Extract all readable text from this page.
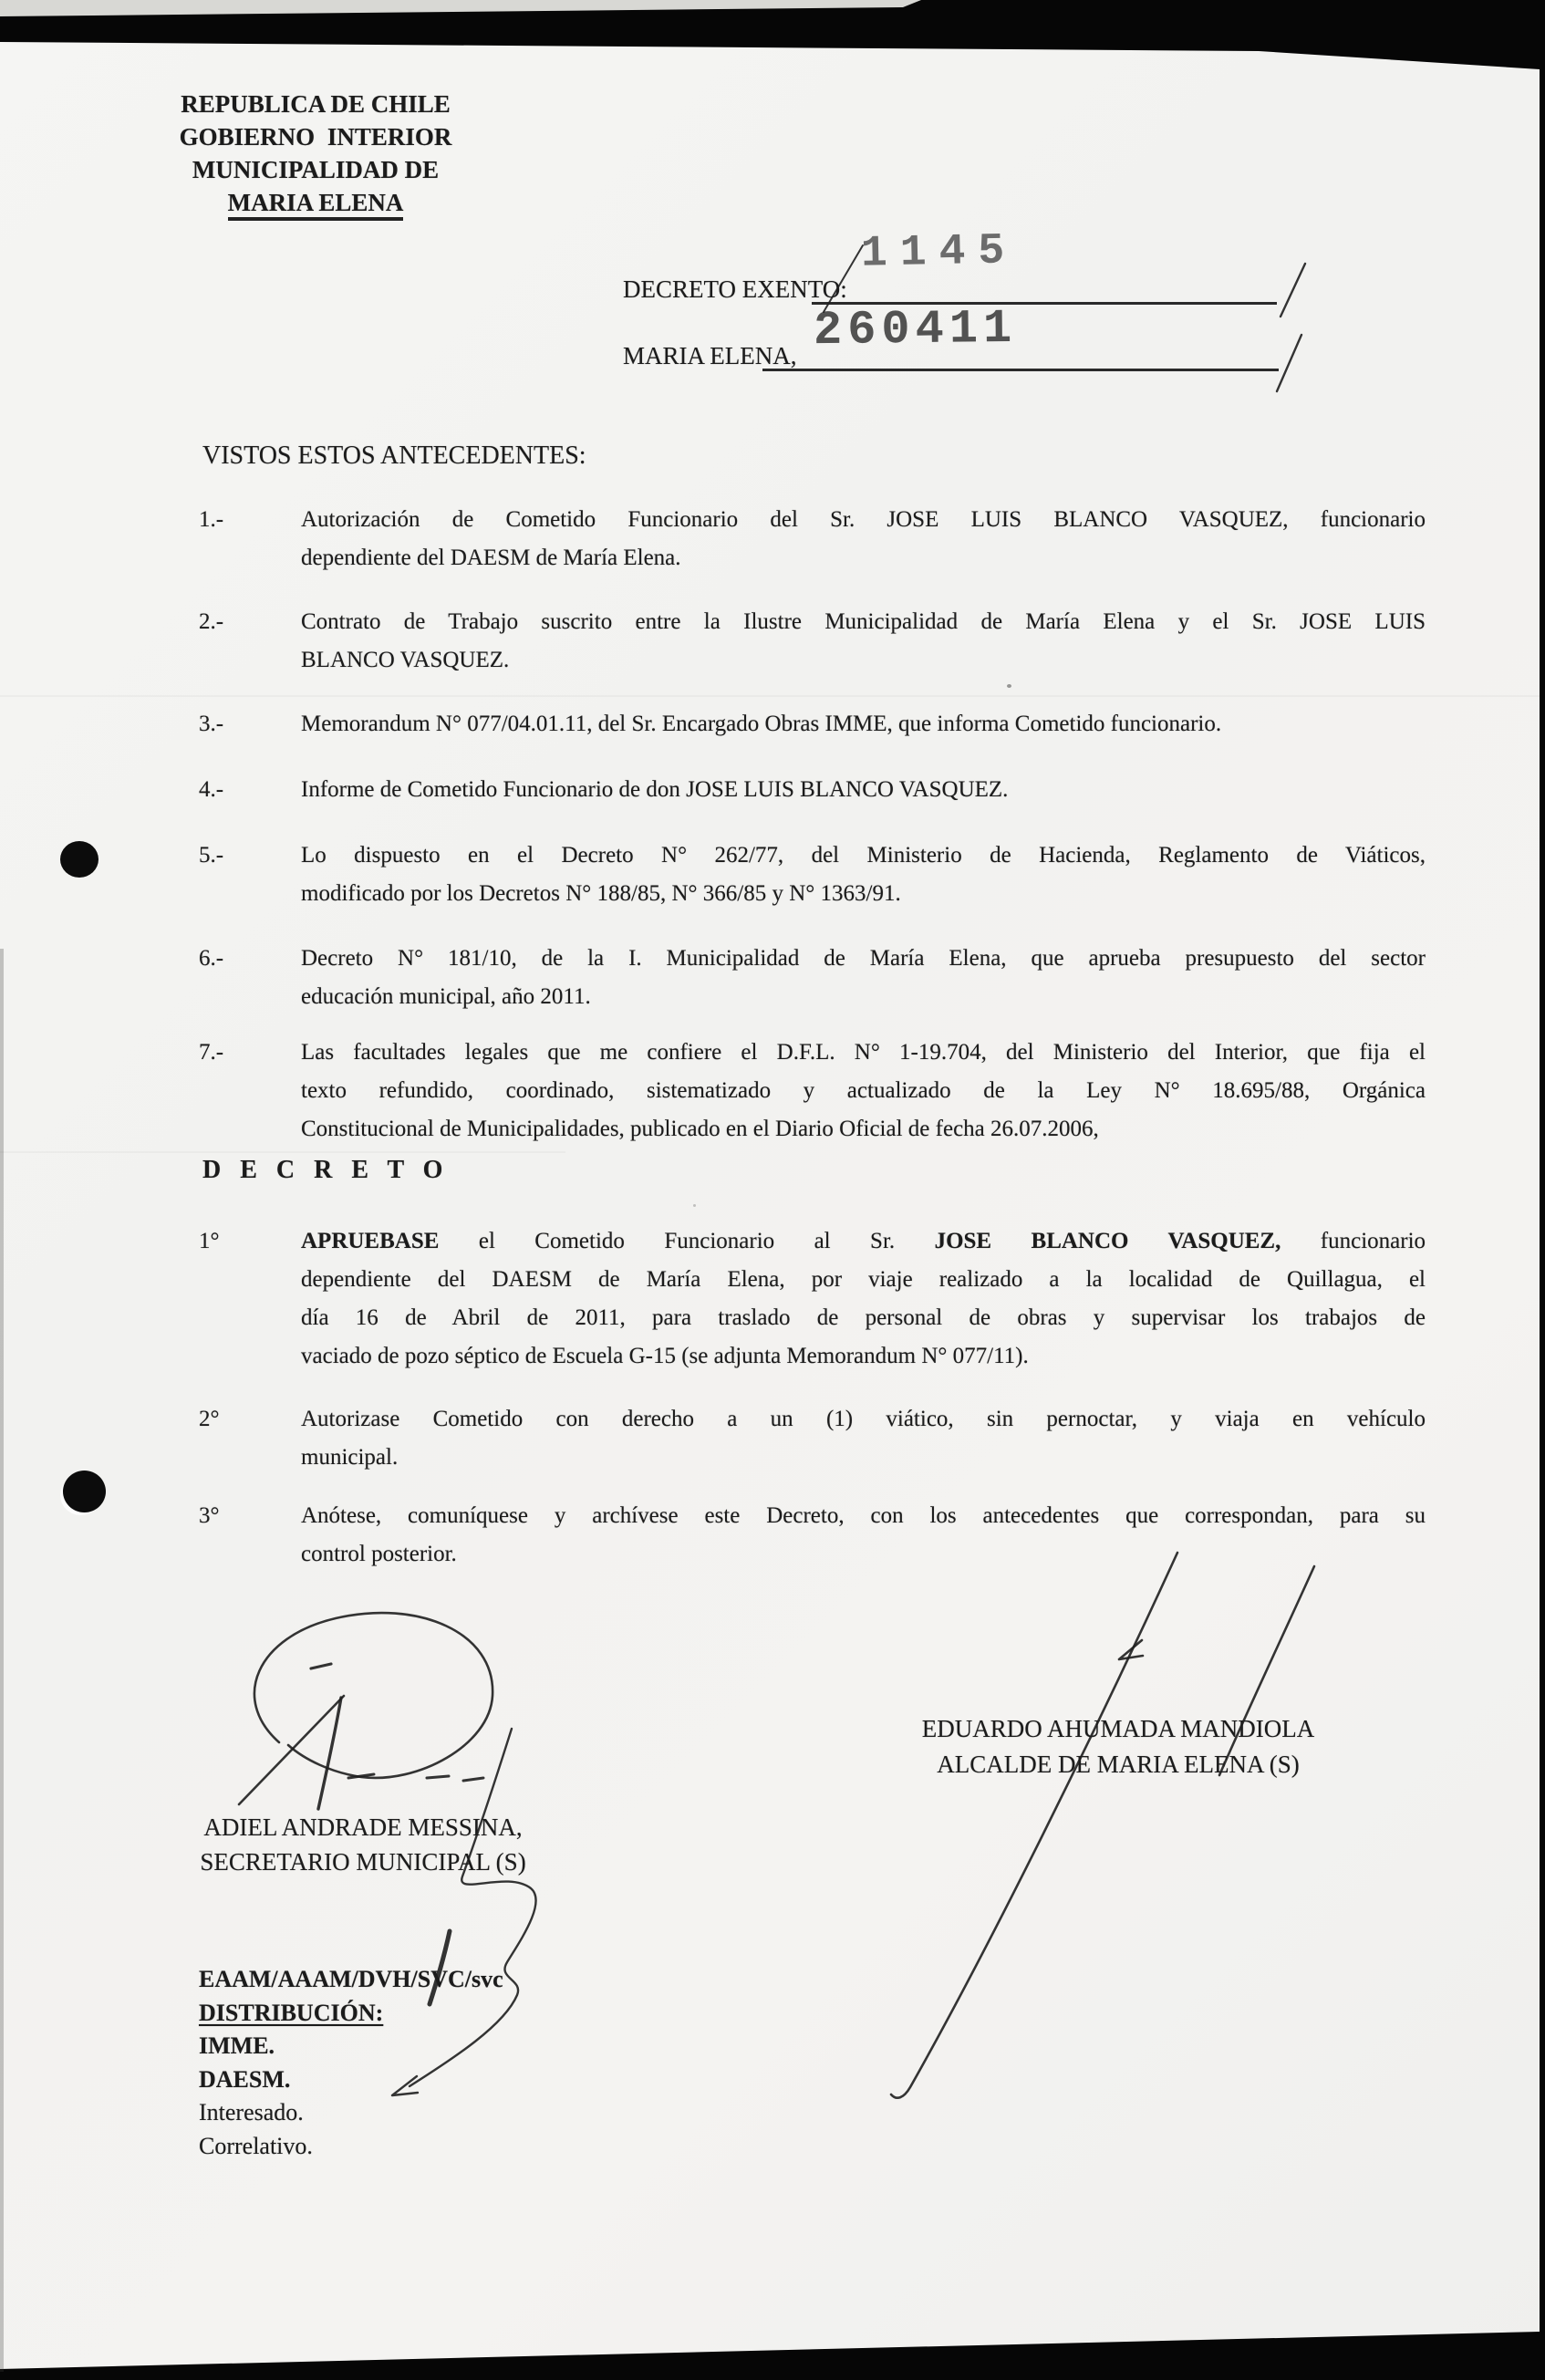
REPUBLICA DE CHILE
GOBIERNO INTERIOR
MUNICIPALIDAD DE
MARIA ELENA
DECRETO EXENTO:
1145
MARIA ELENA, 260411
VISTOS ESTOS ANTECEDENTES:
1.-	Autorización de Cometido Funcionario del Sr. JOSE LUIS BLANCO VASQUEZ, funcionario
dependiente del DAESM de María Elena.
2.-	Contrato de Trabajo suscrito entre la Ilustre Municipalidad de María Elena y el Sr. JOSE LUIS
BLANCO VASQUEZ.
3.-	Memorandum N° 077/04.01.11, del Sr. Encargado Obras IMME, que informa Cometido funcionario.
4.-	Informe de Cometido Funcionario de don JOSE LUIS BLANCO VASQUEZ.
5.-	Lo dispuesto en el Decreto N° 262/77, del Ministerio de Hacienda, Reglamento de Viáticos,
modificado por los Decretos N° 188/85, N° 366/85 y N° 1363/91.
6.-	Decreto N° 181/10, de la I. Municipalidad de María Elena, que aprueba presupuesto del sector
educación municipal, año 2011.
7.-	Las facultades legales que me confiere el D.F.L. N° 1-19.704, del Ministerio del Interior, que fija el
texto refundido, coordinado, sistematizado y actualizado de la Ley N° 18.695/88, Orgánica
Constitucional de Municipalidades, publicado en el Diario Oficial de fecha 26.07.2006,
D E C R E T O
1°	APRUEBASE el Cometido Funcionario al Sr. JOSE BLANCO VASQUEZ, funcionario
dependiente del DAESM de María Elena, por viaje realizado a la localidad de Quillagua, el
día 16 de Abril de 2011, para traslado de personal de obras y supervisar los trabajos de
vaciado de pozo séptico de Escuela G-15 (se adjunta Memorandum N° 077/11).
2°	Autorizase Cometido con derecho a un (1) viático, sin pernoctar, y viaja en vehículo
municipal.
3°	Anótese, comuníquese y archívese este Decreto, con los antecedentes que correspondan, para su
control posterior.
EDUARDO AHUMADA MANDIOLA
ALCALDE DE MARIA ELENA (S)
ADIEL ANDRADE MESSINA,
SECRETARIO MUNICIPAL (S)
EAAM/AAAM/DVH/SVC/svc
DISTRIBUCIÓN:
IMME.
DAESM.
Interesado.
Correlativo.
